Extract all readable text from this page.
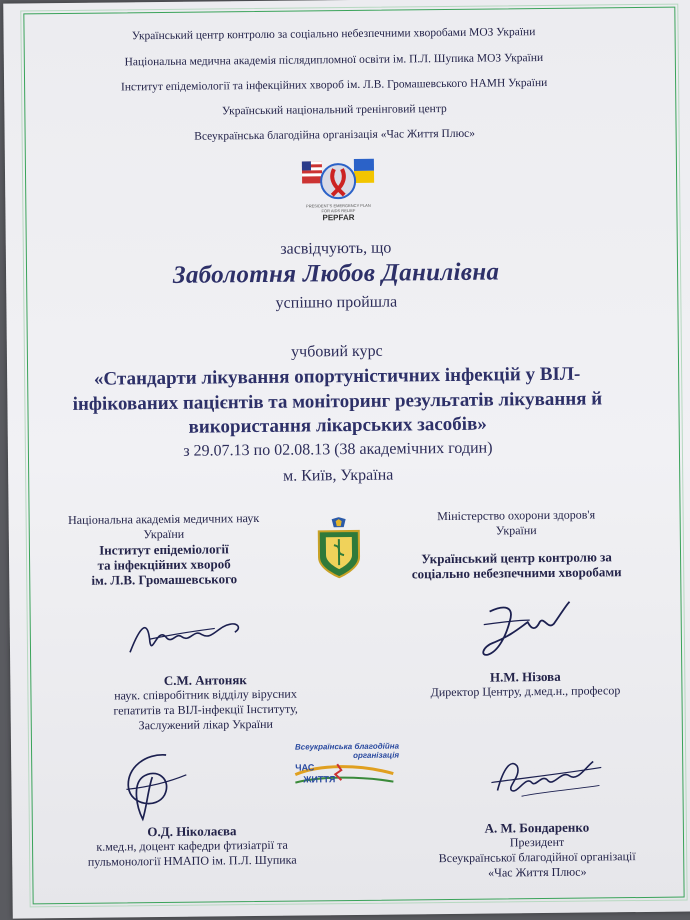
Український центр контролю за соціально небезпечними хворобами МОЗ України
Національна медична академія післядипломної освіти ім. П.Л. Шупика МОЗ України
Інститут епідеміології та інфекційних хвороб ім. Л.В. Громашевського НАМН України
Український національний тренінговий центр
Всеукраїнська благодійна організація «Час Життя Плюс»
PRESIDENT'S EMERGENCY PLAN
FOR AIDS RELIEF
PEPFAR
засвідчують, що
Заболотня Любов Данилівна
успішно пройшла
учбовий курс
«Стандарти лікування опортуністичних інфекцій у ВІЛ-
інфікованих пацієнтів та моніторинг результатів лікування й
використання лікарських засобів»
з 29.07.13 по 02.08.13 (38 академічних годин)
м. Київ, Україна
Національна академія медичних наук
України
Інститут епідеміології
та інфекційних хвороб
ім. Л.В. Громашевського
Міністерство охорони здоров'я
України
Український центр контролю за
соціально небезпечними хворобами
С.М. Антоняк
наук. співробітник відділу вірусних
гепатитів та ВІЛ-інфекції Інституту,
Заслужений лікар України
Н.М. Нізова
Директор Центру, д.мед.н., професор
Всеукраїнська благодійна
організація
ЧАС
ЖИТТЯ
О.Д. Ніколаєва
к.мед.н, доцент кафедри фтизіатрії та
пульмонології НМАПО ім. П.Л. Шупика
А. М. Бондаренко
Президент
Всеукраїнської благодійної організації
«Час Життя Плюс»
